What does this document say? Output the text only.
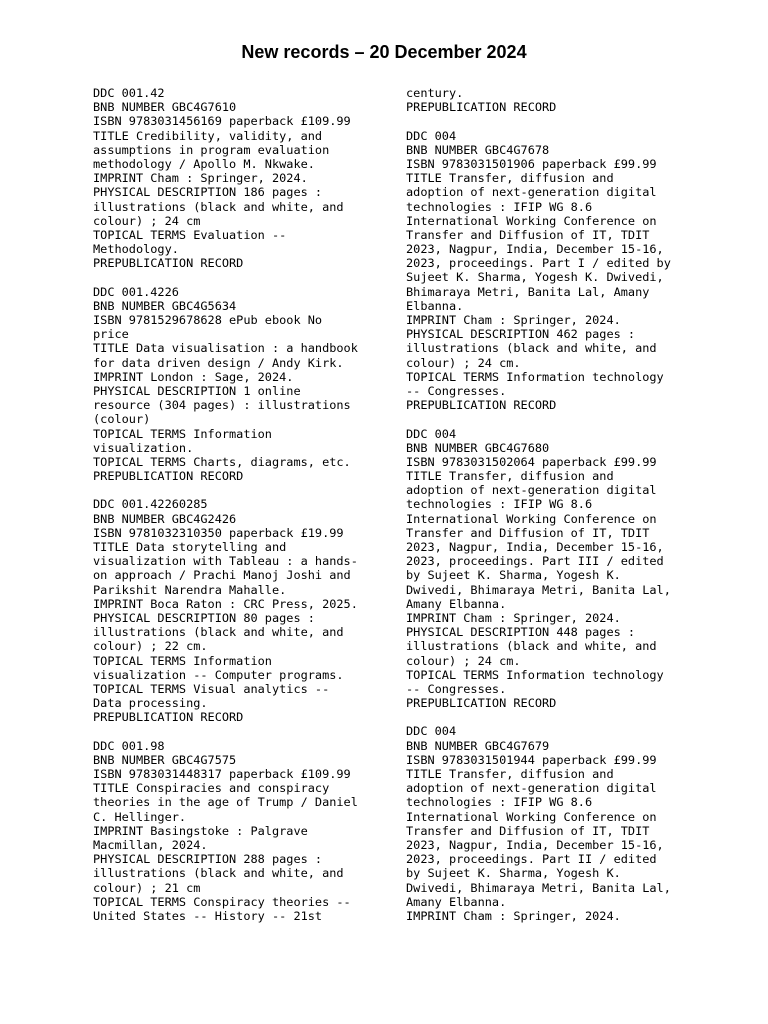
New records – 20 December 2024
DDC 001.42
BNB NUMBER GBC4G7610
ISBN 9783031456169 paperback £109.99
TITLE Credibility, validity, and
assumptions in program evaluation
methodology / Apollo M. Nkwake.
IMPRINT Cham : Springer, 2024.
PHYSICAL DESCRIPTION 186 pages :
illustrations (black and white, and
colour) ; 24 cm
TOPICAL TERMS Evaluation --
Methodology.
PREPUBLICATION RECORD
DDC 001.4226
BNB NUMBER GBC4G5634
ISBN 9781529678628 ePub ebook No
price
TITLE Data visualisation : a handbook
for data driven design / Andy Kirk.
IMPRINT London : Sage, 2024.
PHYSICAL DESCRIPTION 1 online
resource (304 pages) : illustrations
(colour)
TOPICAL TERMS Information
visualization.
TOPICAL TERMS Charts, diagrams, etc.
PREPUBLICATION RECORD
DDC 001.42260285
BNB NUMBER GBC4G2426
ISBN 9781032310350 paperback £19.99
TITLE Data storytelling and
visualization with Tableau : a hands-
on approach / Prachi Manoj Joshi and
Parikshit Narendra Mahalle.
IMPRINT Boca Raton : CRC Press, 2025.
PHYSICAL DESCRIPTION 80 pages :
illustrations (black and white, and
colour) ; 22 cm.
TOPICAL TERMS Information
visualization -- Computer programs.
TOPICAL TERMS Visual analytics --
Data processing.
PREPUBLICATION RECORD
DDC 001.98
BNB NUMBER GBC4G7575
ISBN 9783031448317 paperback £109.99
TITLE Conspiracies and conspiracy
theories in the age of Trump / Daniel
C. Hellinger.
IMPRINT Basingstoke : Palgrave
Macmillan, 2024.
PHYSICAL DESCRIPTION 288 pages :
illustrations (black and white, and
colour) ; 21 cm
TOPICAL TERMS Conspiracy theories --
United States -- History -- 21st
century.
PREPUBLICATION RECORD
DDC 004
BNB NUMBER GBC4G7678
ISBN 9783031501906 paperback £99.99
TITLE Transfer, diffusion and
adoption of next-generation digital
technologies : IFIP WG 8.6
International Working Conference on
Transfer and Diffusion of IT, TDIT
2023, Nagpur, India, December 15-16,
2023, proceedings. Part I / edited by
Sujeet K. Sharma, Yogesh K. Dwivedi,
Bhimaraya Metri, Banita Lal, Amany
Elbanna.
IMPRINT Cham : Springer, 2024.
PHYSICAL DESCRIPTION 462 pages :
illustrations (black and white, and
colour) ; 24 cm.
TOPICAL TERMS Information technology
-- Congresses.
PREPUBLICATION RECORD
DDC 004
BNB NUMBER GBC4G7680
ISBN 9783031502064 paperback £99.99
TITLE Transfer, diffusion and
adoption of next-generation digital
technologies : IFIP WG 8.6
International Working Conference on
Transfer and Diffusion of IT, TDIT
2023, Nagpur, India, December 15-16,
2023, proceedings. Part III / edited
by Sujeet K. Sharma, Yogesh K.
Dwivedi, Bhimaraya Metri, Banita Lal,
Amany Elbanna.
IMPRINT Cham : Springer, 2024.
PHYSICAL DESCRIPTION 448 pages :
illustrations (black and white, and
colour) ; 24 cm.
TOPICAL TERMS Information technology
-- Congresses.
PREPUBLICATION RECORD
DDC 004
BNB NUMBER GBC4G7679
ISBN 9783031501944 paperback £99.99
TITLE Transfer, diffusion and
adoption of next-generation digital
technologies : IFIP WG 8.6
International Working Conference on
Transfer and Diffusion of IT, TDIT
2023, Nagpur, India, December 15-16,
2023, proceedings. Part II / edited
by Sujeet K. Sharma, Yogesh K.
Dwivedi, Bhimaraya Metri, Banita Lal,
Amany Elbanna.
IMPRINT Cham : Springer, 2024.
